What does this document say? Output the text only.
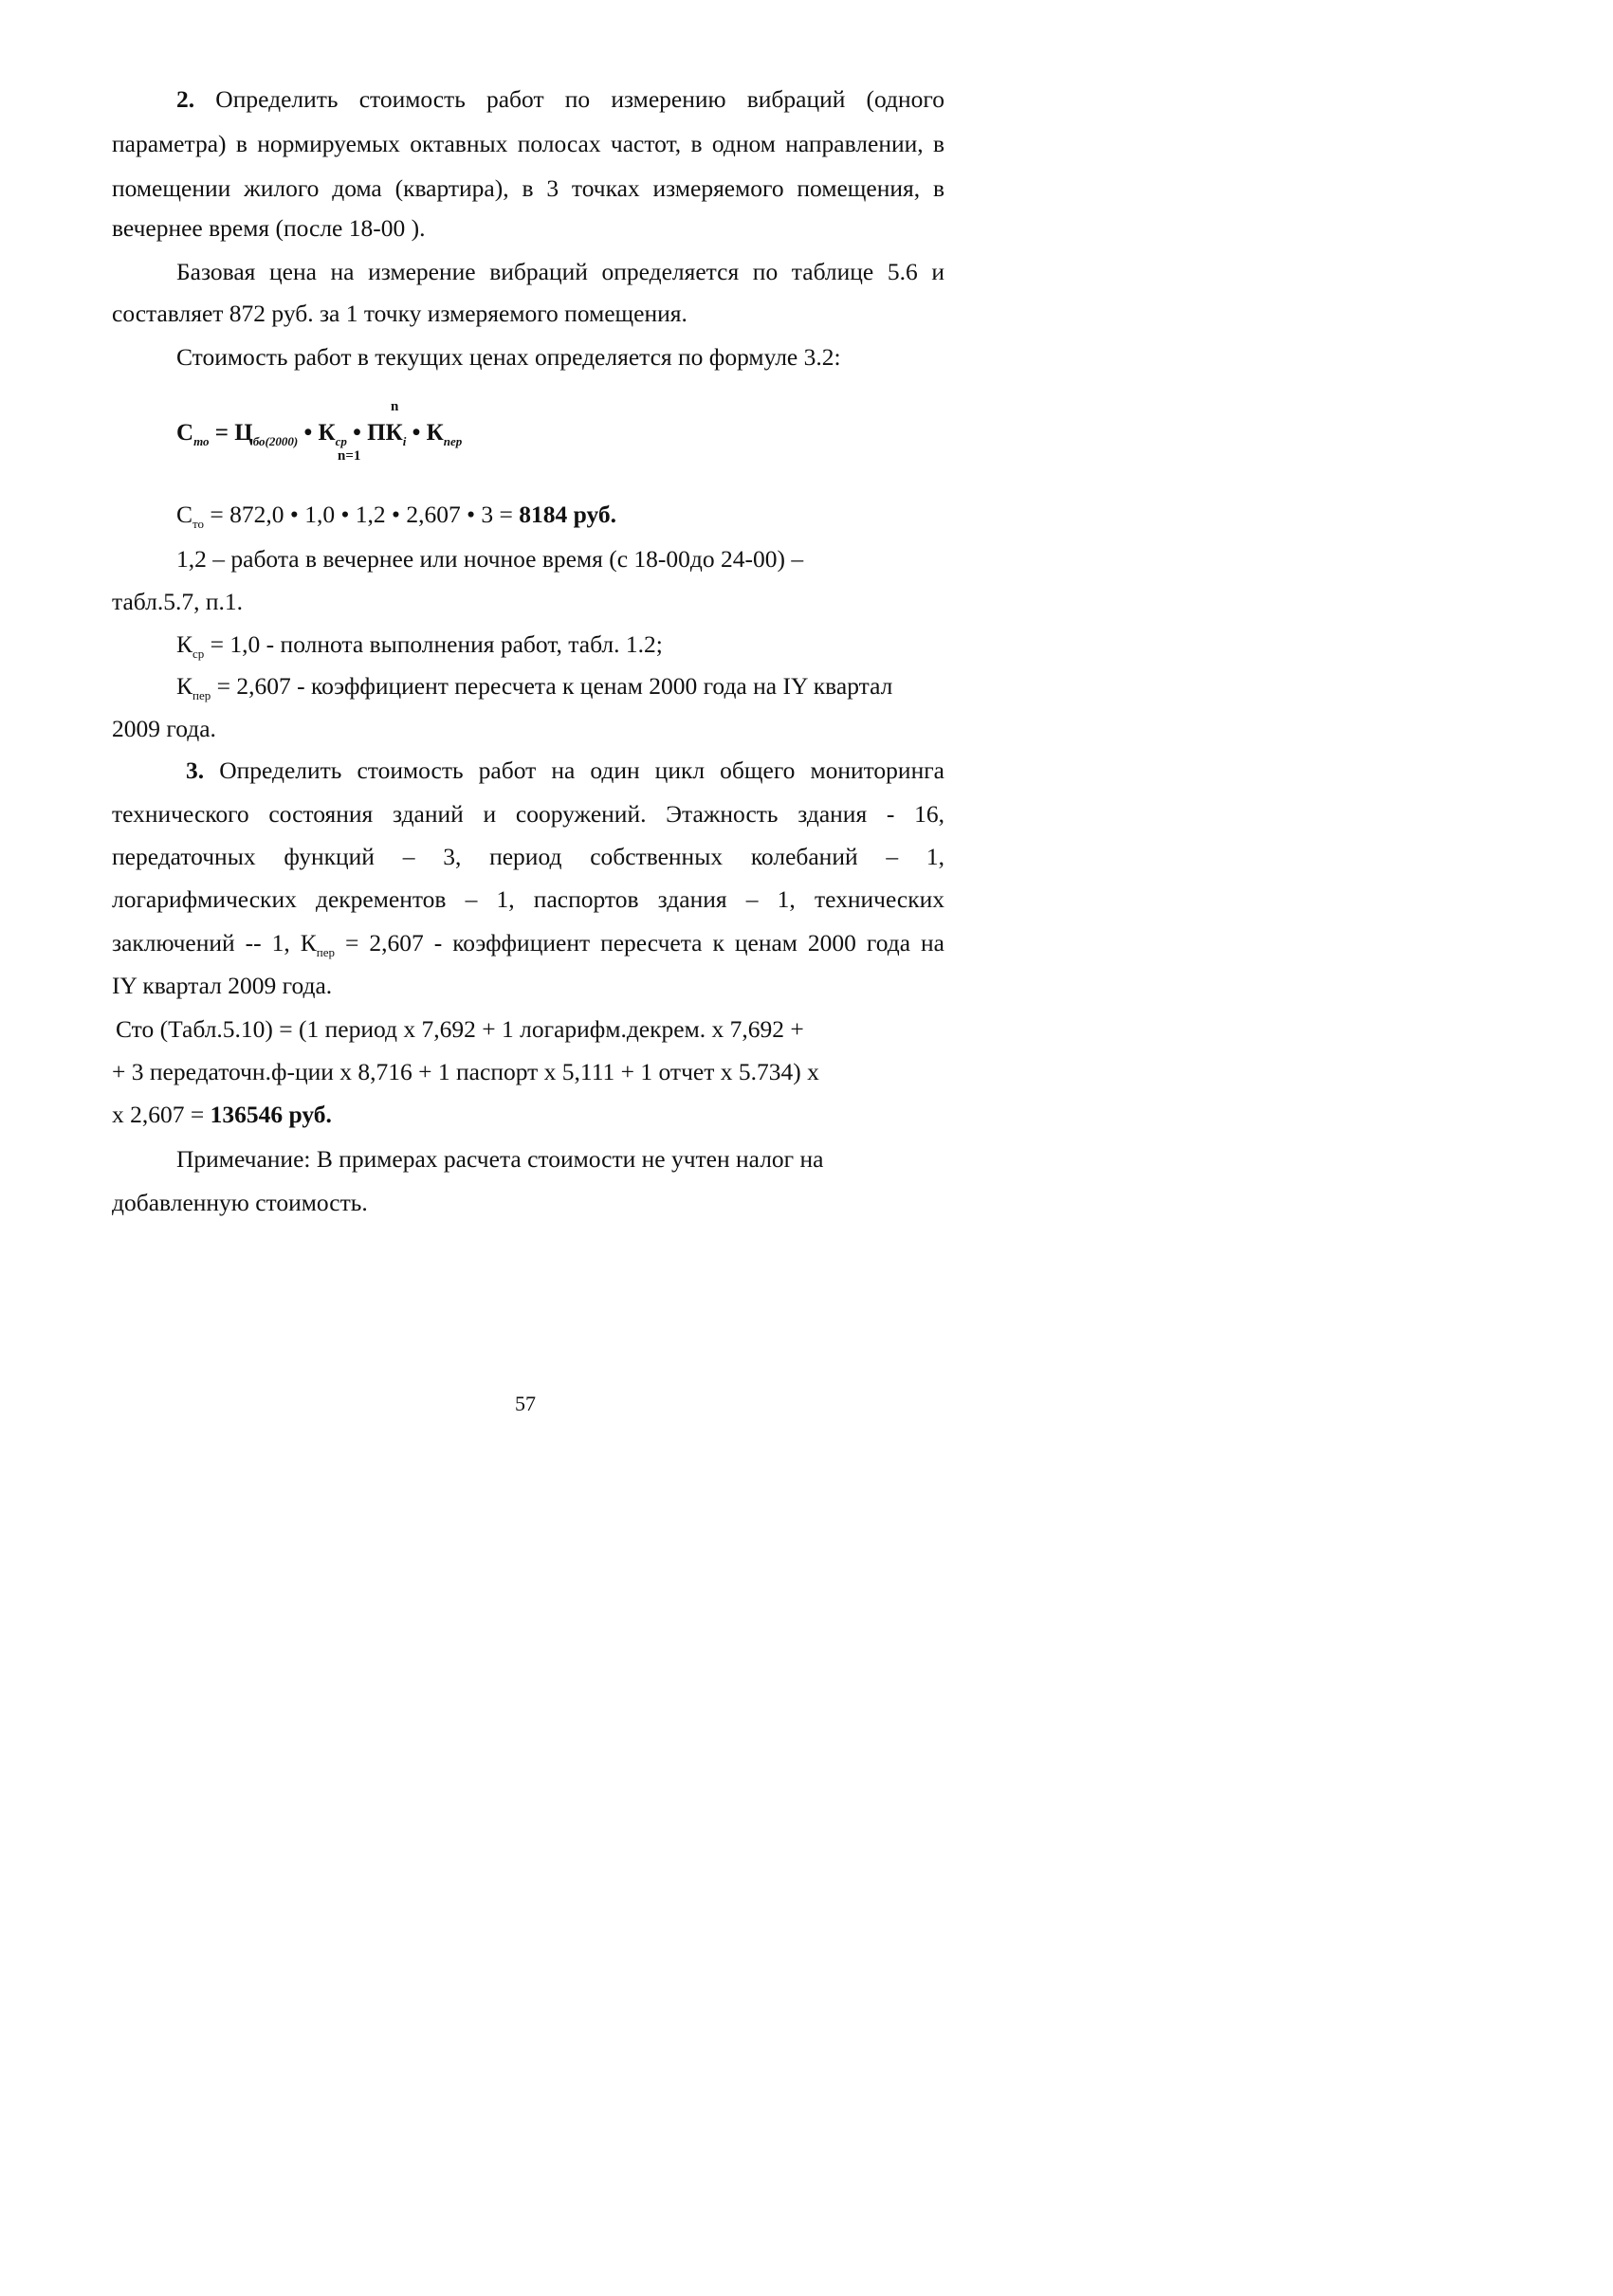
2. Определить стоимость работ по измерению вибраций (одного
параметра) в нормируемых октавных полосах частот, в одном направлении, в
помещении жилого дома (квартира), в 3 точках измеряемого помещения, в
вечернее время (после 18-00 ).
Базовая цена на измерение вибраций определяется по таблице 5.6 и
составляет 872 руб. за 1 точку измеряемого помещения.
Стоимость работ в текущих ценах определяется по формуле 3.2:
n
$С_{то} = Ц_{бо(2000)}$ • $К_{ср}$ • $ПК_i$ • $К_{пер}$
n=1
$С_{то} = 872,0$ • 1,0 • 1,2 • 2,607 • 3 = 8184 руб.
1,2 – работа в вечернее или ночное время (с 18-00до 24-00) –
табл.5.7, п.1.
$К_{ср} = 1,0$ - полнота выполнения работ, табл. 1.2;
$К_{пер} = 2,607$ - коэффициент пересчета к ценам 2000 года на IY квартал
2009 года.
3. Определить стоимость работ на один цикл общего мониторинга
технического состояния зданий и сооружений. Этажность здания - 16,
передаточных функций – 3, период собственных колебаний – 1,
логарифмических декрементов – 1, паспортов здания – 1, технических
заключений -- 1, $К_{пер} = 2,607$ - коэффициент пересчета к ценам 2000 года на
IY квартал 2009 года.
Сто (Табл.5.10) = (1 период х 7,692 + 1 логарифм.декрем. х 7,692 +
+ 3 передаточн.ф-ции х 8,716 + 1 паспорт х 5,111 + 1 отчет х 5.734) х
х 2,607 = 136546 руб.
Примечание: В примерах расчета стоимости не учтен налог на
добавленную стоимость.
57
